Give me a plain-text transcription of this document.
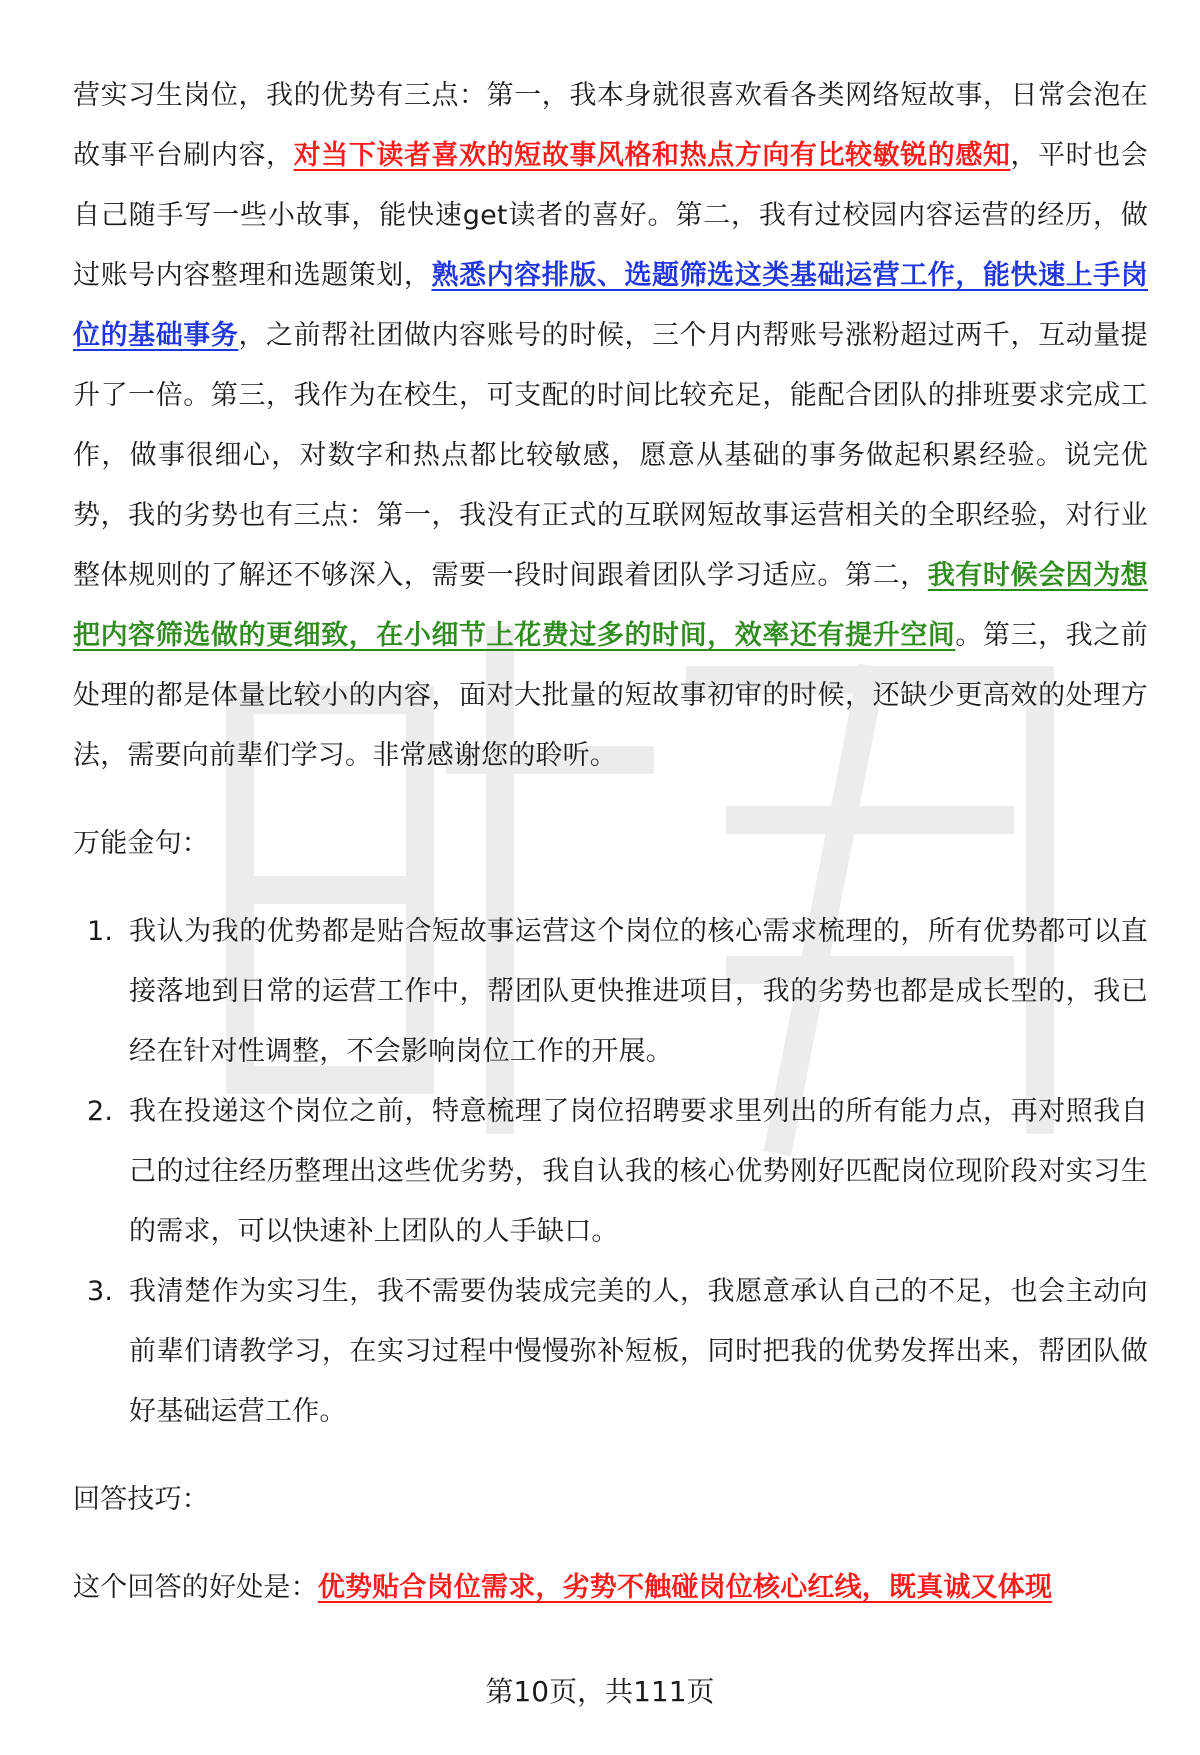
营实习生岗位，我的优势有三点：第一，我本身就很喜欢看各类网络短故事，日常会泡在故事平台刷内容，对当下读者喜欢的短故事风格和热点方向有比较敏锐的感知，平时也会自己随手写一些小故事，能快速get读者的喜好。第二，我有过校园内容运营的经历，做过账号内容整理和选题策划，熟悉内容排版、选题筛选这类基础运营工作，能快速上手岗位的基础事务，之前帮社团做内容账号的时候，三个月内帮账号涨粉超过两千，互动量提升了一倍。第三，我作为在校生，可支配的时间比较充足，能配合团队的排班要求完成工作，做事很细心，对数字和热点都比较敏感，愿意从基础的事务做起积累经验。说完优势，我的劣势也有三点：第一，我没有正式的互联网短故事运营相关的全职经验，对行业整体规则的了解还不够深入，需要一段时间跟着团队学习适应。第二，我有时候会因为想把内容筛选做的更细致，在小细节上花费过多的时间，效率还有提升空间。第三，我之前处理的都是体量比较小的内容，面对大批量的短故事初审的时候，还缺少更高效的处理方法，需要向前辈们学习。非常感谢您的聆听。

万能金句：

1. 我认为我的优势都是贴合短故事运营这个岗位的核心需求梳理的，所有优势都可以直接落地到日常的运营工作中，帮团队更快推进项目，我的劣势也都是成长型的，我已经在针对性调整，不会影响岗位工作的开展。
2. 我在投递这个岗位之前，特意梳理了岗位招聘要求里列出的所有能力点，再对照我自己的过往经历整理出这些优劣势，我自认我的核心优势刚好匹配岗位现阶段对实习生的需求，可以快速补上团队的人手缺口。
3. 我清楚作为实习生，我不需要伪装成完美的人，我愿意承认自己的不足，也会主动向前辈们请教学习，在实习过程中慢慢弥补短板，同时把我的优势发挥出来，帮团队做好基础运营工作。

回答技巧：

这个回答的好处是：优势贴合岗位需求，劣势不触碰岗位核心红线，既真诚又体现

第10页，共111页
